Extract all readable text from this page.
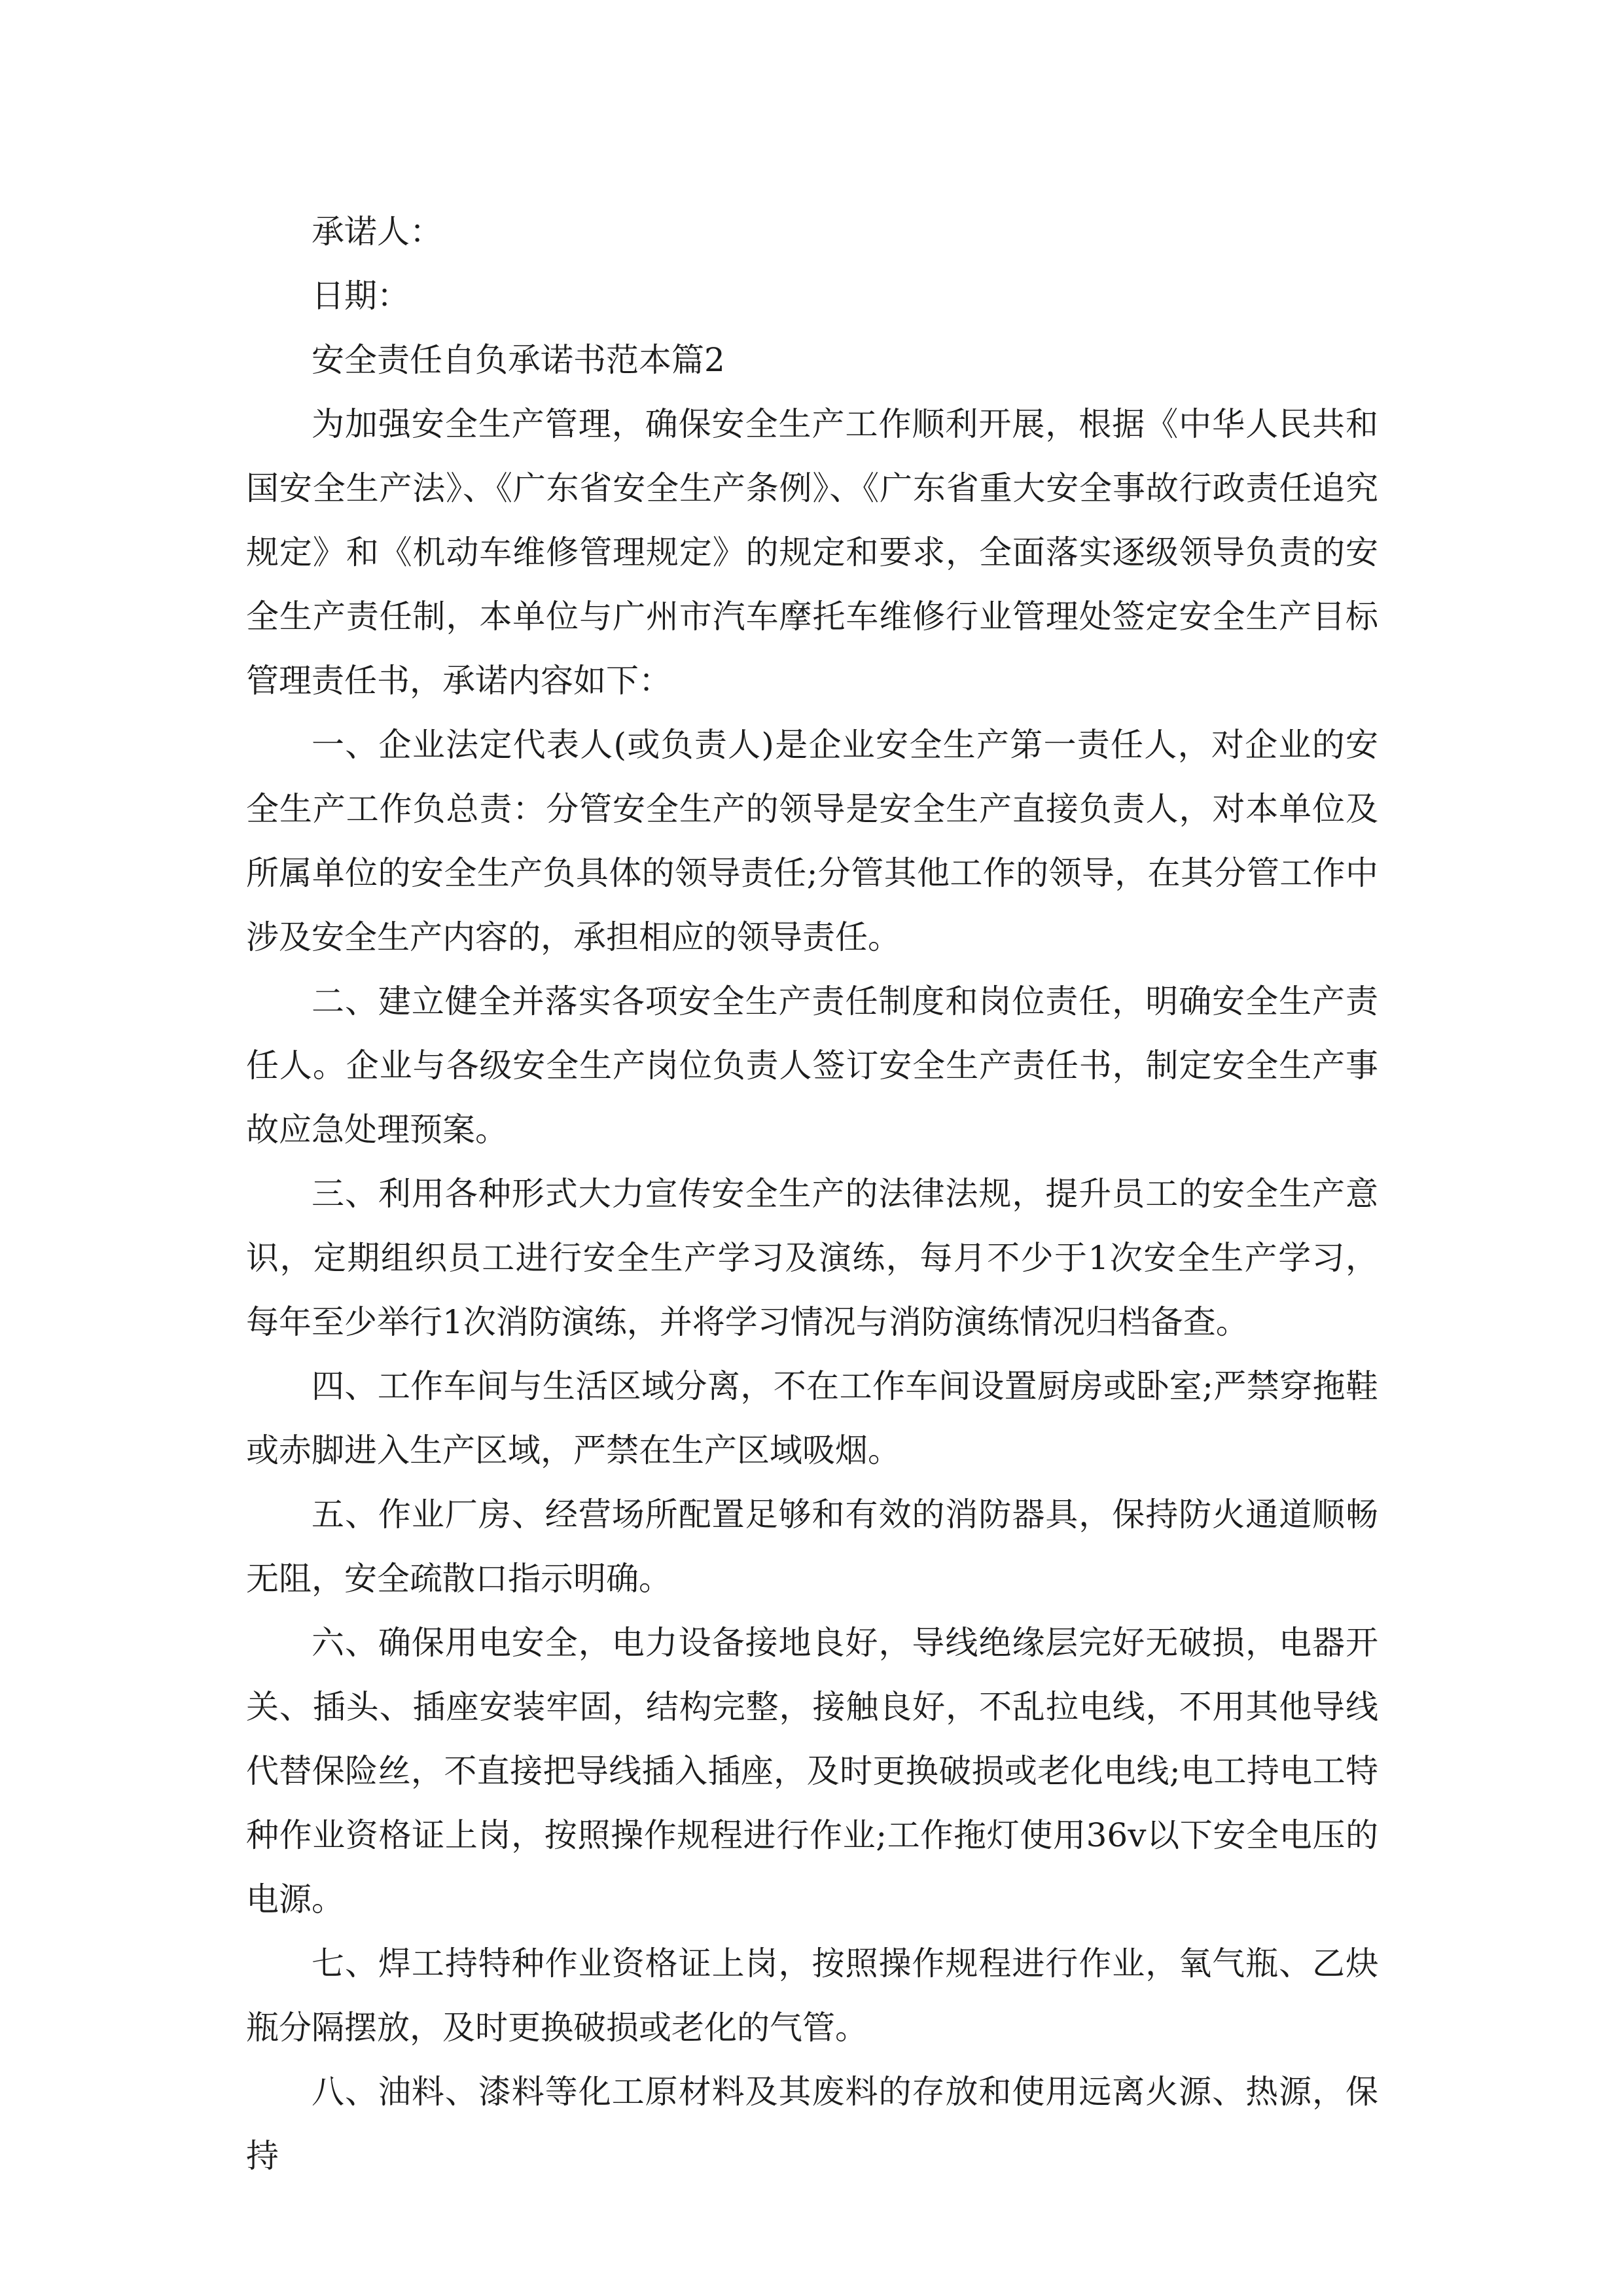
承诺人：

日期：

安全责任自负承诺书范本篇2

为加强安全生产管理，确保安全生产工作顺利开展，根据《中华人民共和国安全生产法》、《广东省安全生产条例》、《广东省重大安全事故行政责任追究规定》和《机动车维修管理规定》的规定和要求，全面落实逐级领导负责的安全生产责任制，本单位与广州市汽车摩托车维修行业管理处签定安全生产目标管理责任书，承诺内容如下：

一、企业法定代表人(或负责人)是企业安全生产第一责任人，对企业的安全生产工作负总责：分管安全生产的领导是安全生产直接负责人，对本单位及所属单位的安全生产负具体的领导责任;分管其他工作的领导，在其分管工作中涉及安全生产内容的，承担相应的领导责任。

二、建立健全并落实各项安全生产责任制度和岗位责任，明确安全生产责任人。企业与各级安全生产岗位负责人签订安全生产责任书，制定安全生产事故应急处理预案。

三、利用各种形式大力宣传安全生产的法律法规，提升员工的安全生产意识，定期组织员工进行安全生产学习及演练，每月不少于1次安全生产学习，每年至少举行1次消防演练，并将学习情况与消防演练情况归档备查。

四、工作车间与生活区域分离，不在工作车间设置厨房或卧室;严禁穿拖鞋或赤脚进入生产区域，严禁在生产区域吸烟。

五、作业厂房、经营场所配置足够和有效的消防器具，保持防火通道顺畅无阻，安全疏散口指示明确。

六、确保用电安全，电力设备接地良好，导线绝缘层完好无破损，电器开关、插头、插座安装牢固，结构完整，接触良好，不乱拉电线，不用其他导线代替保险丝，不直接把导线插入插座，及时更换破损或老化电线;电工持电工特种作业资格证上岗，按照操作规程进行作业;工作拖灯使用36v以下安全电压的电源。

七、焊工持特种作业资格证上岗，按照操作规程进行作业，氧气瓶、乙炔瓶分隔摆放，及时更换破损或老化的气管。

八、油料、漆料等化工原材料及其废料的存放和使用远离火源、热源，保持
